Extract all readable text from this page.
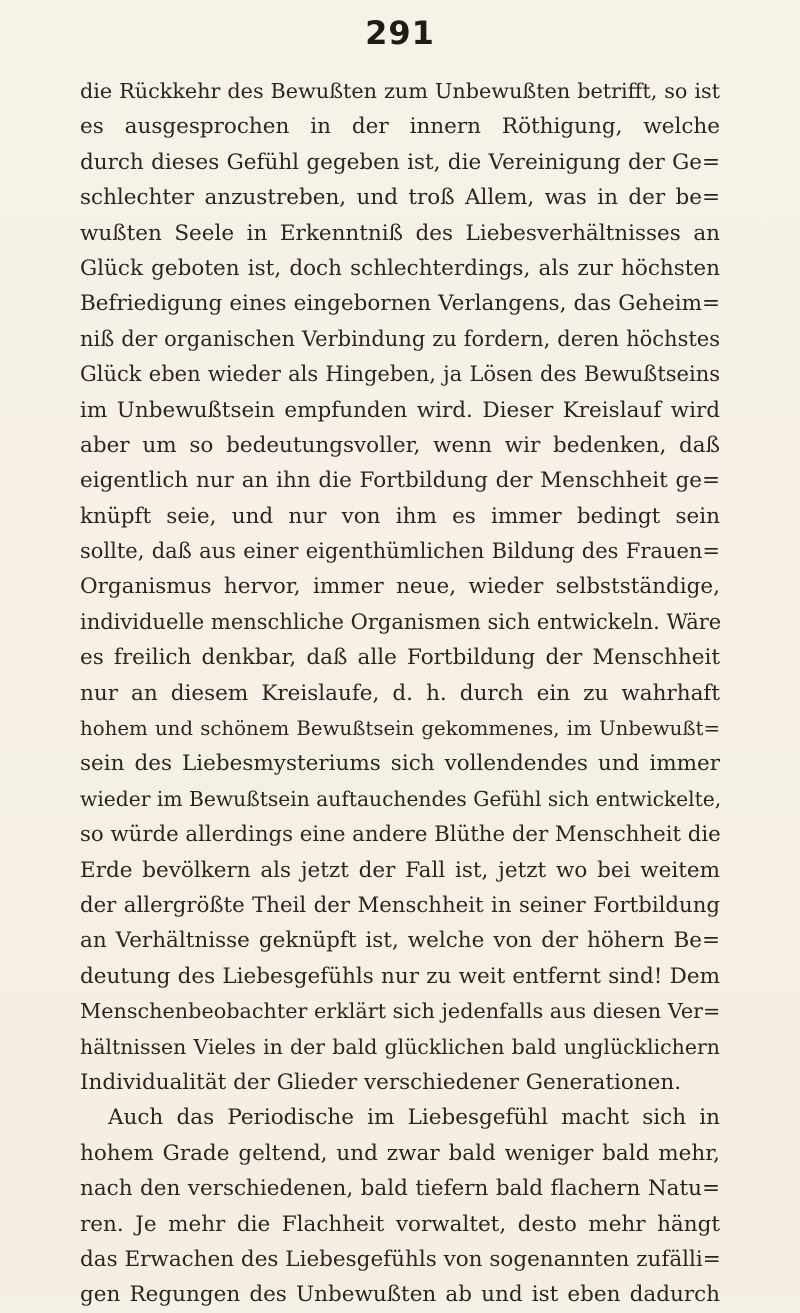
291
die Rückkehr des Bewußten zum Unbewußten betrifft, so ist
es ausgesprochen in der innern Röthigung, welche
durch dieses Gefühl gegeben ist, die Vereinigung der Ge=
schlechter anzustreben, und troß Allem, was in der be=
wußten Seele in Erkenntniß des Liebesverhältnisses an
Glück geboten ist, doch schlechterdings, als zur höchsten
Befriedigung eines eingebornen Verlangens, das Geheim=
niß der organischen Verbindung zu fordern, deren höchstes
Glück eben wieder als Hingeben, ja Lösen des Bewußtseins
im Unbewußtsein empfunden wird. Dieser Kreislauf wird
aber um so bedeutungsvoller, wenn wir bedenken, daß
eigentlich nur an ihn die Fortbildung der Menschheit ge=
knüpft seie, und nur von ihm es immer bedingt sein
sollte, daß aus einer eigenthümlichen Bildung des Frauen=
Organismus hervor, immer neue, wieder selbstständige,
individuelle menschliche Organismen sich entwickeln. Wäre
es freilich denkbar, daß alle Fortbildung der Menschheit
nur an diesem Kreislaufe, d. h. durch ein zu wahrhaft
hohem und schönem Bewußtsein gekommenes, im Unbewußt=
sein des Liebesmysteriums sich vollendendes und immer
wieder im Bewußtsein auftauchendes Gefühl sich entwickelte,
so würde allerdings eine andere Blüthe der Menschheit die
Erde bevölkern als jetzt der Fall ist, jetzt wo bei weitem
der allergrößte Theil der Menschheit in seiner Fortbildung
an Verhältnisse geknüpft ist, welche von der höhern Be=
deutung des Liebesgefühls nur zu weit entfernt sind! Dem
Menschenbeobachter erklärt sich jedenfalls aus diesen Ver=
hältnissen Vieles in der bald glücklichen bald unglücklichern
Individualität der Glieder verschiedener Generationen.
Auch das Periodische im Liebesgefühl macht sich in
hohem Grade geltend, und zwar bald weniger bald mehr,
nach den verschiedenen, bald tiefern bald flachern Natu=
ren. Je mehr die Flachheit vorwaltet, desto mehr hängt
das Erwachen des Liebesgefühls von sogenannten zufälli=
gen Regungen des Unbewußten ab und ist eben dadurch
